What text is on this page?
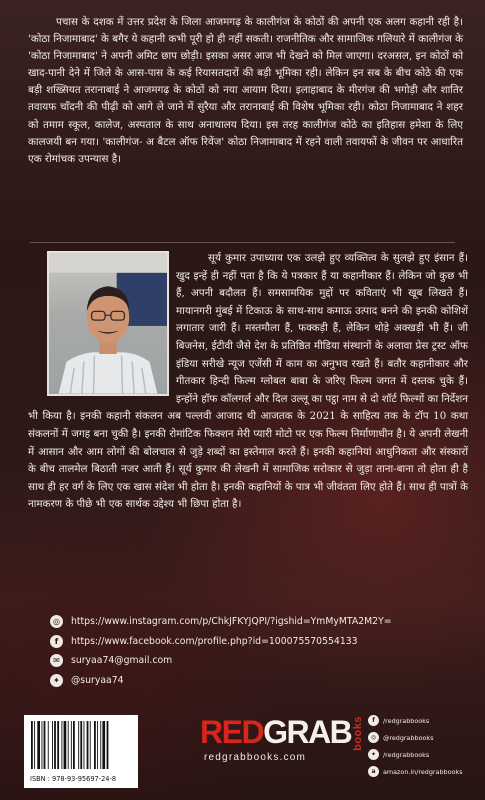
पचास के दशक में उत्तर प्रदेश के जिला आजमगढ़ के कालीगंज के कोठों की अपनी एक अलग कहानी रही है। 'कोठा निजामाबाद' के बगैर ये कहानी कभी पूरी हो ही नहीं सकती। राजनीतिक और सामाजिक गलियारे में कालीगंज के 'कोठा निजामाबाद' ने अपनी अमिट छाप छोड़ी। इसका असर आज भी देखने को मिल जाएगा। दरअसल, इन कोठों को खाद-पानी देने में जिले के आस-पास के कई रियासतदारों की बड़ी भूमिका रही। लेकिन इन सब के बीच कोठे की एक बड़ी शख्सियत तरानाबाई ने आजमगढ़ के कोठों को नया आयाम दिया। इलाहाबाद के मीरगंज की भगोड़ी और शातिर तवायफ चाँदनी की पीढ़ी को आगे ले जाने में सुरैया और तरानाबाई की विशेष भूमिका रही। कोठा निजामाबाद ने शहर को तमाम स्कूल, कालेज, अस्पताल के साथ अनाथालय दिया। इस तरह कालीगंज कोठे का इतिहास हमेशा के लिए कालजयी बन गया। 'कालीगंज- अ बैटल ऑफ रिवेंज' कोठा निजामाबाद में रहने वाली तवायफों के जीवन पर आधारित एक रोमांचक उपन्यास है।

सूर्य कुमार उपाध्याय एक उलझे हुए व्यक्तित्व के सुलझे हुए इंसान हैं। खुद इन्हें ही नहीं पता है कि ये पत्रकार हैं या कहानीकार हैं। लेकिन जो कुछ भी हैं, अपनी बदौलत हैं। समसामयिक मुद्दों पर कविताएं भी खूब लिखते हैं। मायानगरी मुंबई में टिकाऊ के साथ-साथ कमाऊ उत्पाद बनने की इनकी कोशिशें लगातार जारी हैं। मस्तमौला हैं, फक्कड़ी हैं, लेकिन थोड़े अक्खड़ी भी हैं। जी बिजनेस, ईटीवी जैसे देश के प्रतिष्ठित मीडिया संस्थानों के अलावा प्रेस ट्रस्ट ऑफ इंडिया सरीखे न्यूज एजेंसी में काम का अनुभव रखते हैं। बतौर कहानीकार और गीतकार हिन्दी फिल्म ग्लोबल बाबा के जरिए फिल्म जगत में दस्तक चुके हैं। इन्होंने हॉफ कॉलगर्ल और दिल उल्लू का पट्ठा नाम से दो शॉर्ट फिल्मों का निर्देशन भी किया है। इनकी कहानी संकलन अब पल्लवी आजाद थी आजतक के 2021 के साहित्य तक के टॉप 10 कथा संकलनों में जगह बना चुकी है। इनकी रोमांटिक फिक्शन मेरी प्यारी मोटो पर एक फिल्म निर्माणाधीन है। ये अपनी लेखनी में आसान और आम लोगों की बोलचाल से जुड़े शब्दों का इस्तेमाल करते हैं। इनकी कहानियां आधुनिकता और संस्कारों के बीच तालमेल बिठाती नजर आती हैं। सूर्य कुमार की लेखनी में सामाजिक सरोकार से जुड़ा ताना-बाना तो होता ही है साथ ही हर वर्ग के लिए एक खास संदेश भी होता है। इनकी कहानियों के पात्र भी जीवंतता लिए होते हैं। साथ ही पात्रों के नामकरण के पीछे भी एक सार्थक उद्देश्य भी छिपा होता है।
◎	https://www.instagram.com/p/ChkJFKYJQPI/?igshid=YmMyMTA2M2Y=
f	https://www.facebook.com/profile.php?id=100075570554133
✉	suryaa74@gmail.com
✦	@suryaa74
ISBN : 978-93-95697-24-8
REDGRAB books
redgrabbooks.com
f	/redgrabbooks
◎	@redgrabbooks
✦	/redgrabbooks
a	amazon.in/redgrabbooks
